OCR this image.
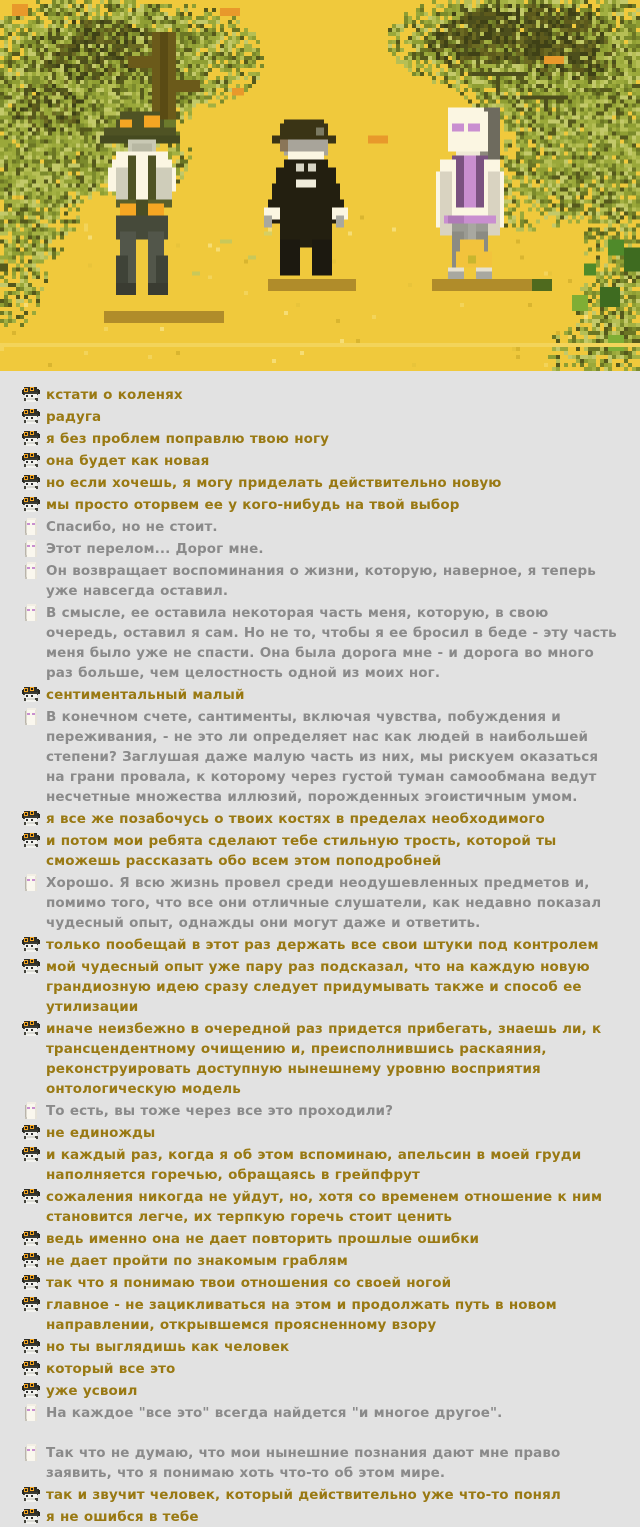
кстати о коленях
радуга
я без проблем поправлю твою ногу
она будет как новая
но если хочешь, я могу приделать действительно новую
мы просто оторвем ее у кого-нибудь на твой выбор
Спасибо, но не стоит.
Этот перелом... Дорог мне.
Он возвращает воспоминания о жизни, которую, наверное, я теперь уже навсегда оставил.
В смысле, ее оставила некоторая часть меня, которую, в свою очередь, оставил я сам. Но не то, чтобы я ее бросил в беде - эту часть меня было уже не спасти. Она была дорога мне - и дорога во много раз больше, чем целостность одной из моих ног.
сентиментальный малый
В конечном счете, сантименты, включая чувства, побуждения и переживания, - не это ли определяет нас как людей в наибольшей степени? Заглушая даже малую часть из них, мы рискуем оказаться на грани провала, к которому через густой туман самообмана ведут несчетные множества иллюзий, порожденных эгоистичным умом.
я все же позабочусь о твоих костях в пределах необходимого
и потом мои ребята сделают тебе стильную трость, которой ты сможешь рассказать обо всем этом поподробней
Хорошо. Я всю жизнь провел среди неодушевленных предметов и, помимо того, что все они отличные слушатели, как недавно показал чудесный опыт, однажды они могут даже и ответить.
только пообещай в этот раз держать все свои штуки под контролем
мой чудесный опыт уже пару раз подсказал, что на каждую новую грандиозную идею сразу следует придумывать также и способ ее утилизации
иначе неизбежно в очередной раз придется прибегать, знаешь ли, к трансцендентному очищению и, преисполнившись раскаяния, реконструировать доступную нынешнему уровню восприятия онтологическую модель
То есть, вы тоже через все это проходили?
не единожды
и каждый раз, когда я об этом вспоминаю, апельсин в моей груди наполняется горечью, обращаясь в грейпфрут
сожаления никогда не уйдут, но, хотя со временем отношение к ним становится легче, их терпкую горечь стоит ценить
ведь именно она не дает повторить прошлые ошибки
не дает пройти по знакомым граблям
так что я понимаю твои отношения со своей ногой
главное - не зацикливаться на этом и продолжать путь в новом направлении, открывшемся проясненному взору
но ты выглядишь как человек
который все это
уже усвоил
На каждое "все это" всегда найдется "и многое другое".
Так что не думаю, что мои нынешние познания дают мне право заявить, что я понимаю хоть что-то об этом мире.
так и звучит человек, который действительно уже что-то понял
я не ошибся в тебе
